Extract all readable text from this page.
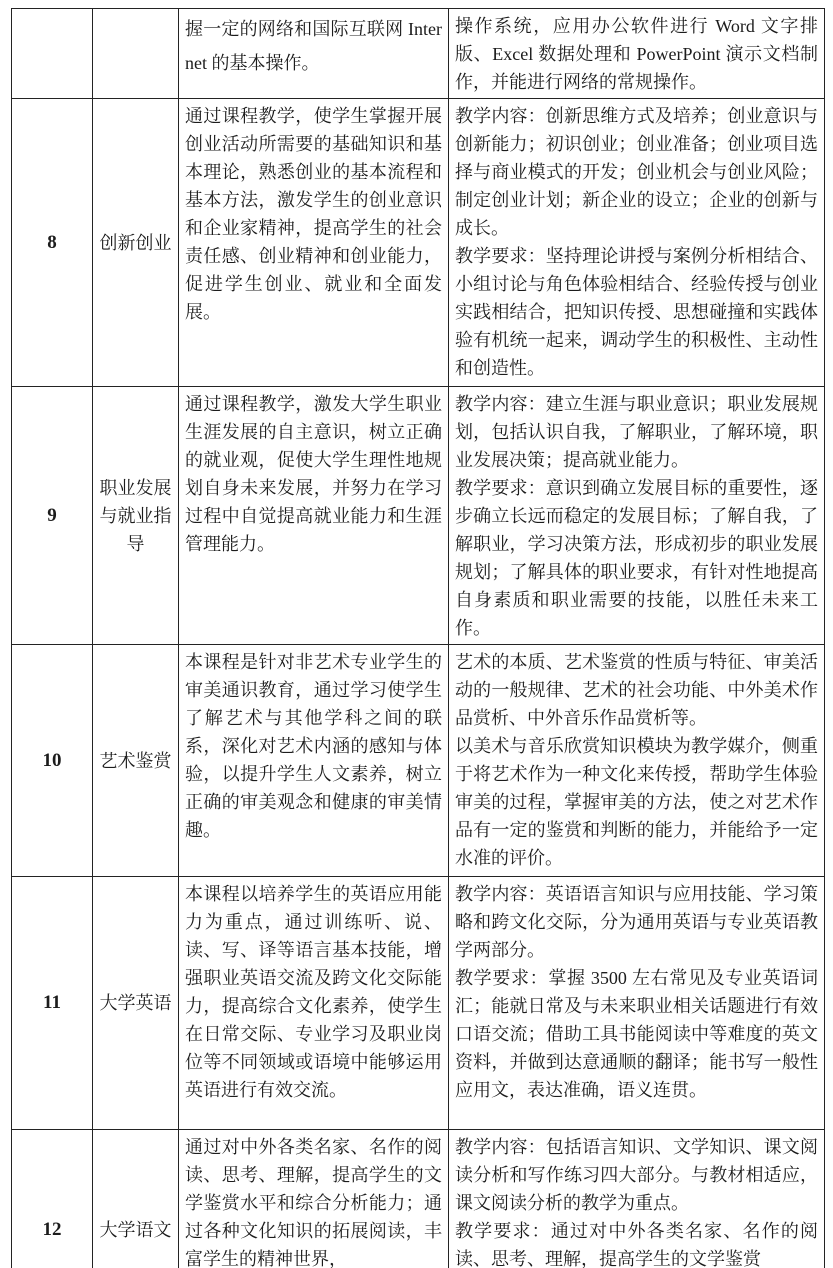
		握一定的网络和国际互联网 Internet 的基本操作。	操作系统，应用办公软件进行 Word 文字排版、Excel 数据处理和 PowerPoint 演示文档制作，并能进行网络的常规操作。

8	创新创业	通过课程教学，使学生掌握开展创业活动所需要的基础知识和基本理论，熟悉创业的基本流程和基本方法，激发学生的创业意识和企业家精神，提高学生的社会责任感、创业精神和创业能力，促进学生创业、就业和全面发展。	教学内容：创新思维方式及培养；创业意识与创新能力；初识创业；创业准备；创业项目选择与商业模式的开发；创业机会与创业风险；制定创业计划；新企业的设立；企业的创新与成长。

教学要求：坚持理论讲授与案例分析相结合、小组讨论与角色体验相结合、经验传授与创业实践相结合，把知识传授、思想碰撞和实践体验有机统一起来，调动学生的积极性、主动性和创造性。

9	职业发展与就业指导	通过课程教学，激发大学生职业生涯发展的自主意识，树立正确的就业观，促使大学生理性地规划自身未来发展，并努力在学习过程中自觉提高就业能力和生涯管理能力。	教学内容：建立生涯与职业意识；职业发展规划，包括认识自我，了解职业，了解环境，职业发展决策；提高就业能力。

教学要求：意识到确立发展目标的重要性，逐步确立长远而稳定的发展目标；了解自我，了解职业，学习决策方法，形成初步的职业发展规划；了解具体的职业要求，有针对性地提高自身素质和职业需要的技能，以胜任未来工作。

10	艺术鉴赏	本课程是针对非艺术专业学生的审美通识教育，通过学习使学生了解艺术与其他学科之间的联系，深化对艺术内涵的感知与体验，以提升学生人文素养，树立正确的审美观念和健康的审美情趣。	艺术的本质、艺术鉴赏的性质与特征、审美活动的一般规律、艺术的社会功能、中外美术作品赏析、中外音乐作品赏析等。

以美术与音乐欣赏知识模块为教学媒介，侧重于将艺术作为一种文化来传授，帮助学生体验审美的过程，掌握审美的方法，使之对艺术作品有一定的鉴赏和判断的能力，并能给予一定水准的评价。

11	大学英语	本课程以培养学生的英语应用能力为重点，通过训练听、说、读、写、译等语言基本技能，增强职业英语交流及跨文化交际能力，提高综合文化素养，使学生在日常交际、专业学习及职业岗位等不同领域或语境中能够运用英语进行有效交流。	教学内容：英语语言知识与应用技能、学习策略和跨文化交际，分为通用英语与专业英语教学两部分。

教学要求：掌握 3500 左右常见及专业英语词汇；能就日常及与未来职业相关话题进行有效口语交流；借助工具书能阅读中等难度的英文资料，并做到达意通顺的翻译；能书写一般性应用文，表达准确，语义连贯。

12	大学语文	通过对中外各类名家、名作的阅读、思考、理解，提高学生的文学鉴赏水平和综合分析能力；通过各种文化知识的拓展阅读，丰富学生的精神世界，	教学内容：包括语言知识、文学知识、课文阅读分析和写作练习四大部分。与教材相适应，课文阅读分析的教学为重点。

教学要求：通过对中外各类名家、名作的阅读、思考、理解，提高学生的文学鉴赏
